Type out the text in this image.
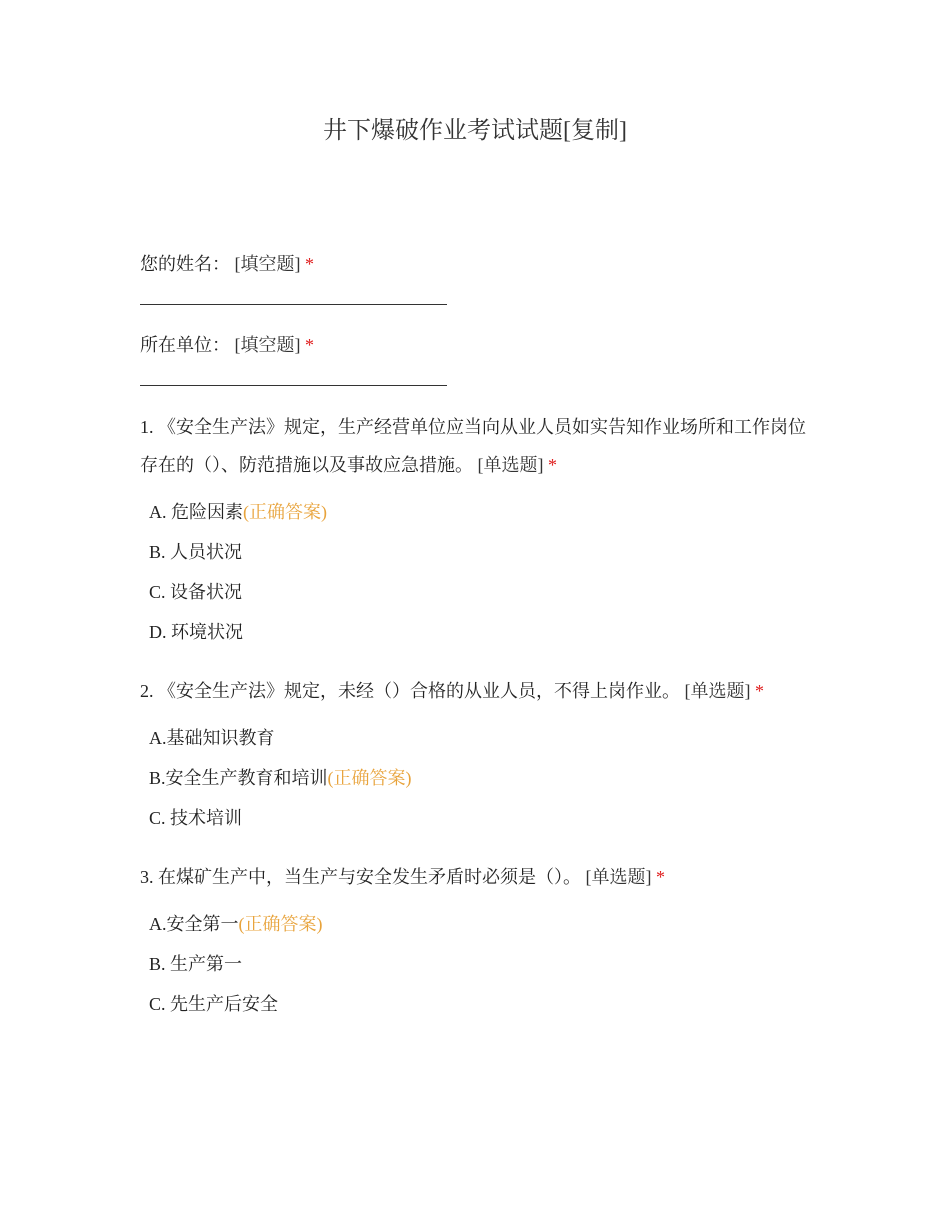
井下爆破作业考试试题[复制]
您的姓名： [填空题] *
所在单位： [填空题] *
1. 《安全生产法》规定，生产经营单位应当向从业人员如实告知作业场所和工作岗位存在的（）、防范措施以及事故应急措施。 [单选题] *
A. 危险因素(正确答案)
B. 人员状况
C. 设备状况
D. 环境状况
2. 《安全生产法》规定，未经（）合格的从业人员，不得上岗作业。 [单选题] *
A.基础知识教育
B.安全生产教育和培训(正确答案)
C. 技术培训
3. 在煤矿生产中，当生产与安全发生矛盾时必须是（）。 [单选题] *
A.安全第一(正确答案)
B. 生产第一
C. 先生产后安全
